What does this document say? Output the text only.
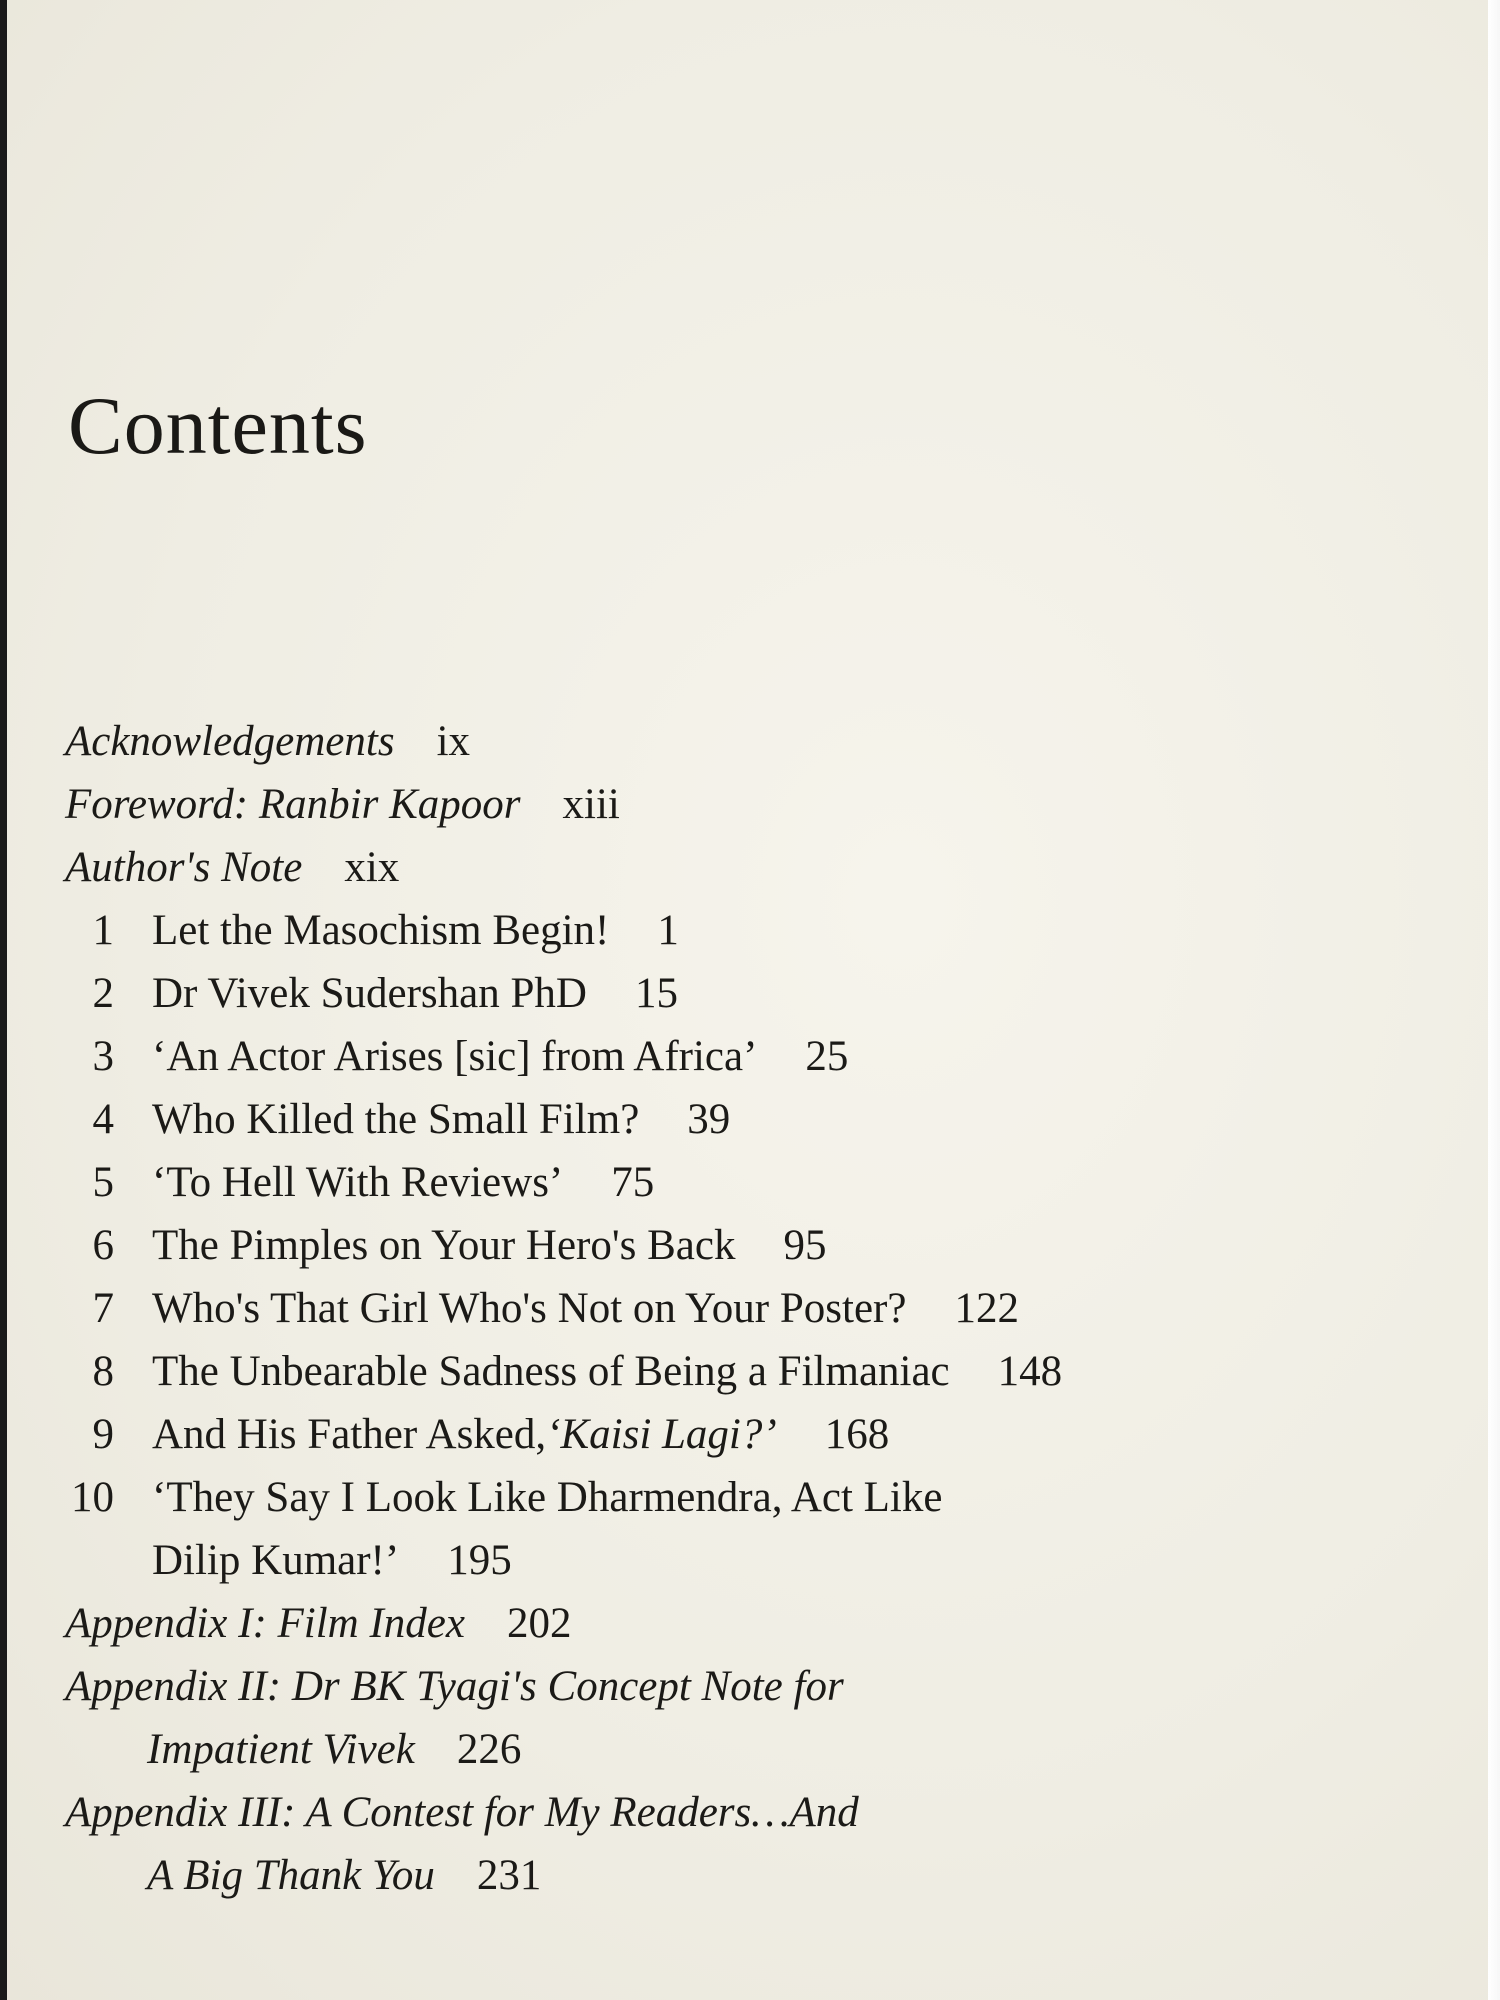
Contents
Acknowledgements ix
Foreword: Ranbir Kapoor xiii
Author's Note xix
1 Let the Masochism Begin! 1
2 Dr Vivek Sudershan PhD 15
3 ‘An Actor Arises [sic] from Africa’ 25
4 Who Killed the Small Film? 39
5 ‘To Hell With Reviews’ 75
6 The Pimples on Your Hero's Back 95
7 Who's That Girl Who's Not on Your Poster? 122
8 The Unbearable Sadness of Being a Filmaniac 148
9 And His Father Asked,‘Kaisi Lagi?’ 168
10 ‘They Say I Look Like Dharmendra, Act Like
Dilip Kumar!’ 195
Appendix I: Film Index 202
Appendix II: Dr BK Tyagi's Concept Note for
Impatient Vivek 226
Appendix III: A Contest for My Readers…And
A Big Thank You 231
